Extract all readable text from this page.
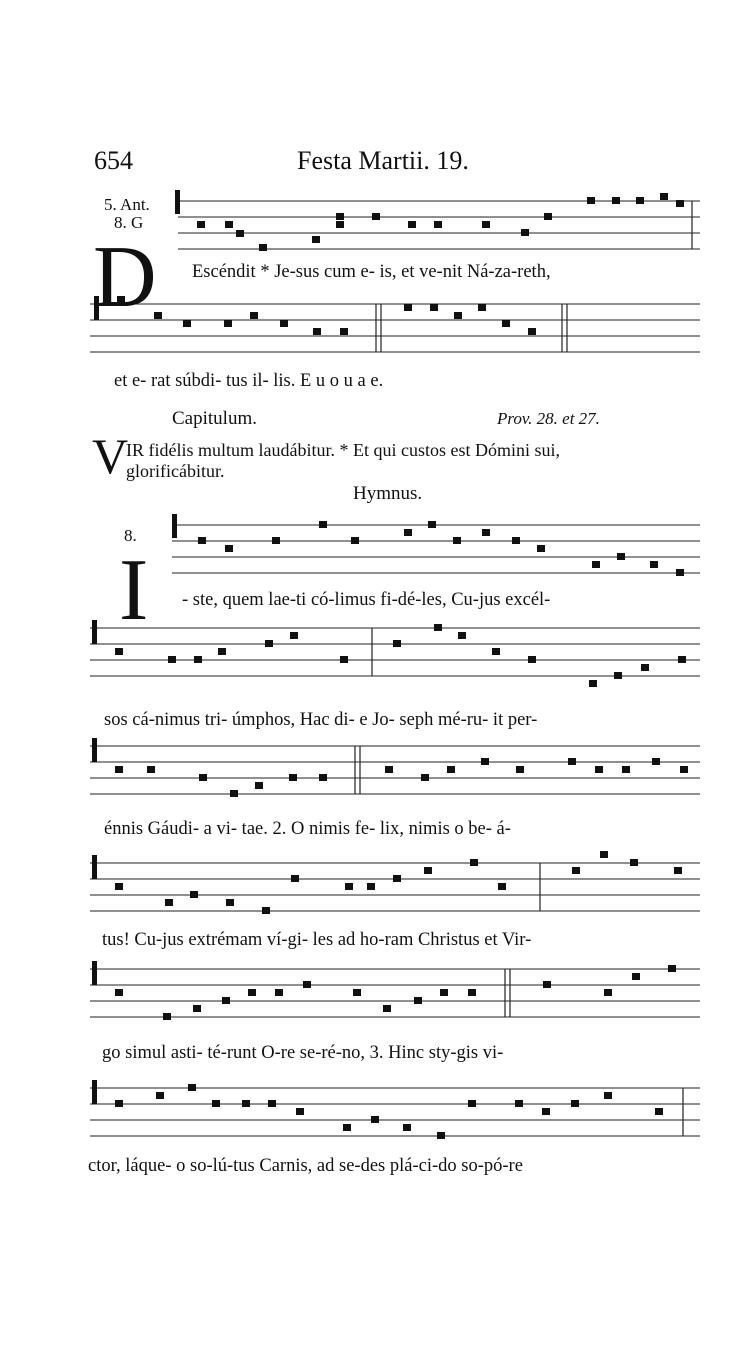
654	Festa Martii. 19.
5. Ant.
8. G
D Escéndit * Je-sus cum e- is, et ve-nit Ná-za-reth,
et e- rat súbdi- tus il- lis. E u o u a e.
Capitulum.	Prov. 28. et 27.
V
IR fidélis multum laudábitur. * Et qui custos est Dómini sui,
glorificábitur.
Hymnus.
8.
I - ste, quem lae-ti có-limus fi-dé-les, Cu-jus excél-
sos cá-nimus tri- úmphos, Hac di- e Jo- seph mé-ru- it per-
énnis Gáudi- a vi- tae. 2. O nimis fe- lix, nimis o be- á-
tus! Cu-jus extrémam ví-gi- les ad ho-ram Christus et Vir-
go simul asti- té-runt O-re se-ré-no, 3. Hinc sty-gis vi-
ctor, láque- o so-lú-tus Carnis, ad se-des plá-ci-do so-pó-re
